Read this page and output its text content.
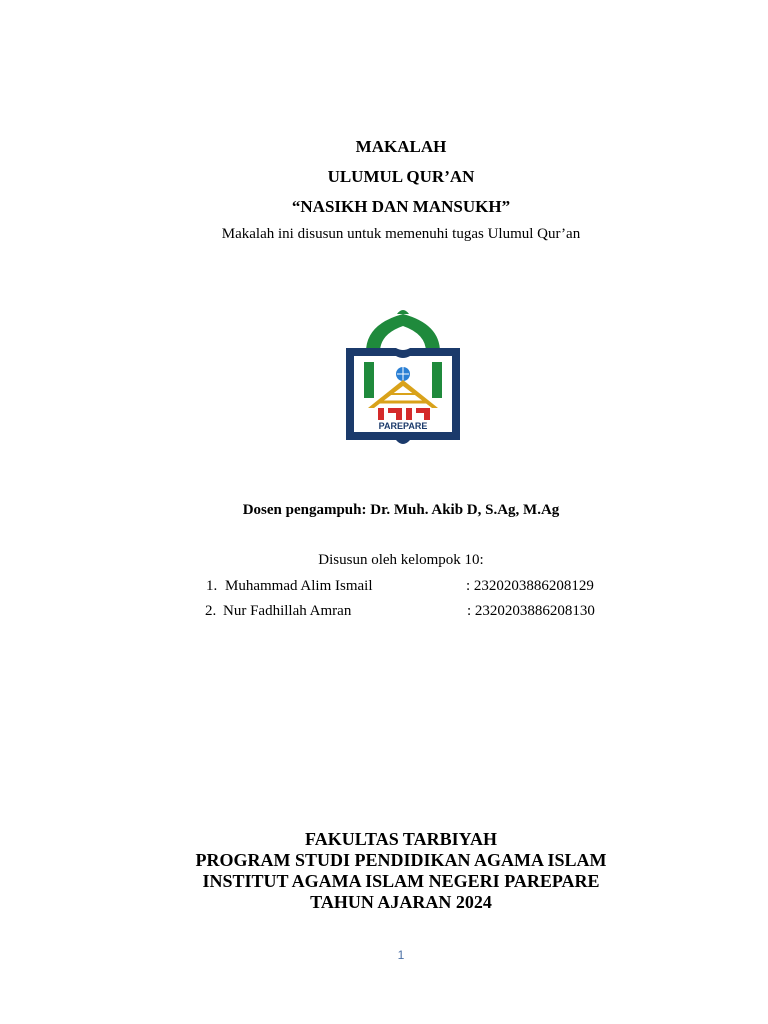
MAKALAH
ULUMUL QUR’AN
“NASIKH DAN MANSUKH”
Makalah ini disusun untuk memenuhi tugas Ulumul Qur’an
PAREPARE
Dosen pengampuh: Dr. Muh. Akib D, S.Ag, M.Ag
Disusun oleh kelompok 10:
1. Muhammad Alim Ismail	: 2320203886208129
2. Nur Fadhillah Amran	: 2320203886208130
FAKULTAS TARBIYAH
PROGRAM STUDI PENDIDIKAN AGAMA ISLAM
INSTITUT AGAMA ISLAM NEGERI PAREPARE
TAHUN AJARAN 2024
1
